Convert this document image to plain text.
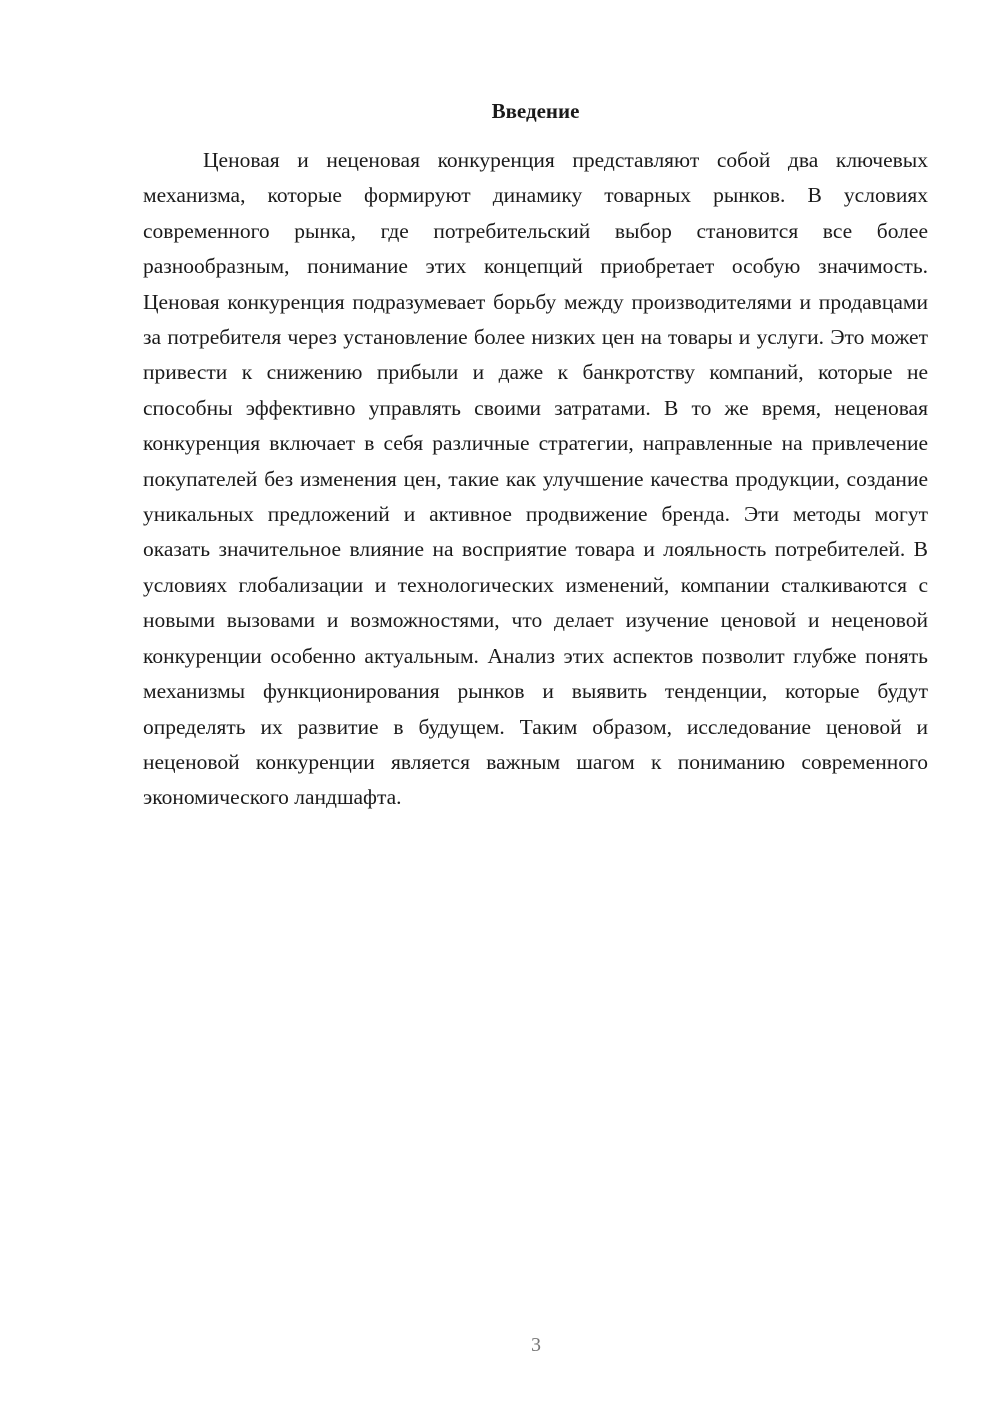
Введение

Ценовая и неценовая конкуренция представляют собой два ключевых механизма, которые формируют динамику товарных рынков. В условиях современного рынка, где потребительский выбор становится все более разнообразным, понимание этих концепций приобретает особую значимость. Ценовая конкуренция подразумевает борьбу между производителями и продавцами за потребителя через установление более низких цен на товары и услуги. Это может привести к снижению прибыли и даже к банкротству компаний, которые не способны эффективно управлять своими затратами. В то же время, неценовая конкуренция включает в себя различные стратегии, направленные на привлечение покупателей без изменения цен, такие как улучшение качества продукции, создание уникальных предложений и активное продвижение бренда. Эти методы могут оказать значительное влияние на восприятие товара и лояльность потребителей. В условиях глобализации и технологических изменений, компании сталкиваются с новыми вызовами и возможностями, что делает изучение ценовой и неценовой конкуренции особенно актуальным. Анализ этих аспектов позволит глубже понять механизмы функционирования рынков и выявить тенденции, которые будут определять их развитие в будущем. Таким образом, исследование ценовой и неценовой конкуренции является важным шагом к пониманию современного экономического ландшафта.

3
